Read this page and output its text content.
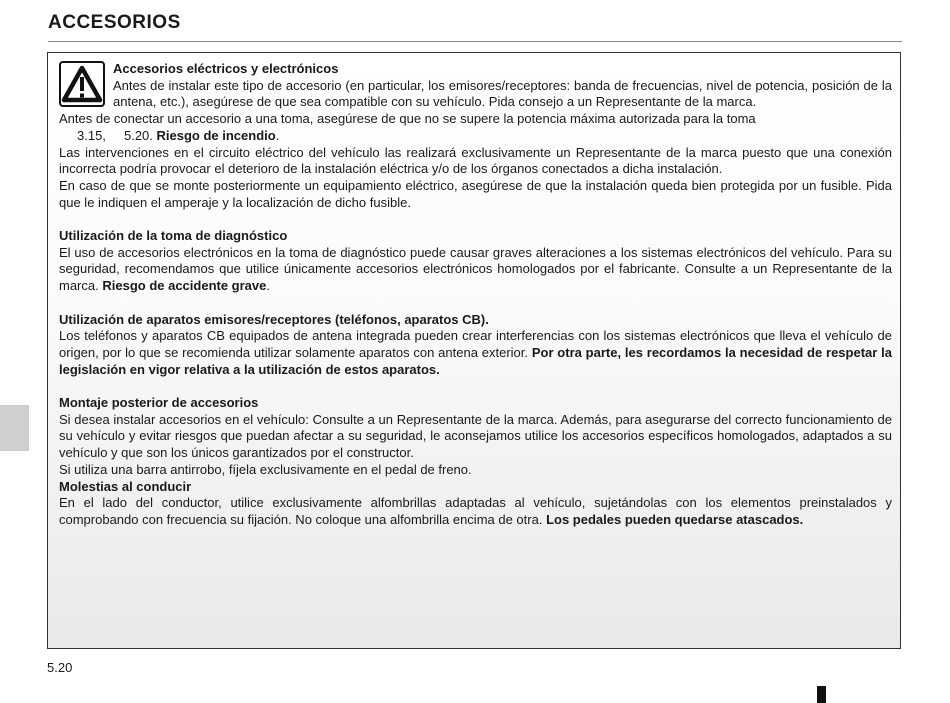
ACCESORIOS

Accesorios eléctricos y electrónicos

Antes de instalar este tipo de accesorio (en particular, los emisores/receptores: banda de frecuencias, nivel de potencia, posición de la antena, etc.), asegúrese de que sea compatible con su vehículo. Pida consejo a un Representante de la marca.

Antes de conectar un accesorio a una toma, asegúrese de que no se supere la potencia máxima autorizada para la toma
3.15,     5.20. Riesgo de incendio.

Las intervenciones en el circuito eléctrico del vehículo las realizará exclusivamente un Representante de la marca puesto que una conexión incorrecta podría provocar el deterioro de la instalación eléctrica y/o de los órganos conectados a dicha instalación.

En caso de que se monte posteriormente un equipamiento eléctrico, asegúrese de que la instalación queda bien protegida por un fusible. Pida que le indiquen el amperaje y la localización de dicho fusible.

Utilización de la toma de diagnóstico

El uso de accesorios electrónicos en la toma de diagnóstico puede causar graves alteraciones a los sistemas electrónicos del vehículo. Para su seguridad, recomendamos que utilice únicamente accesorios electrónicos homologados por el fabricante. Consulte a un Representante de la marca. Riesgo de accidente grave.

Utilización de aparatos emisores/receptores (teléfonos, aparatos CB).

Los teléfonos y aparatos CB equipados de antena integrada pueden crear interferencias con los sistemas electrónicos que lleva el vehículo de origen, por lo que se recomienda utilizar solamente aparatos con antena exterior. Por otra parte, les recordamos la necesidad de respetar la legislación en vigor relativa a la utilización de estos aparatos.

Montaje posterior de accesorios

Si desea instalar accesorios en el vehículo: Consulte a un Representante de la marca. Además, para asegurarse del correcto funcionamiento de su vehículo y evitar riesgos que puedan afectar a su seguridad, le aconsejamos utilice los accesorios específicos homologados, adaptados a su vehículo y que son los únicos garantizados por el constructor.

Si utiliza una barra antirrobo, fíjela exclusivamente en el pedal de freno.

Molestias al conducir

En el lado del conductor, utilice exclusivamente alfombrillas adaptadas al vehículo, sujetándolas con los elementos preinstalados y comprobando con frecuencia su fijación. No coloque una alfombrilla encima de otra. Los pedales pueden quedarse atascados.

5.20
